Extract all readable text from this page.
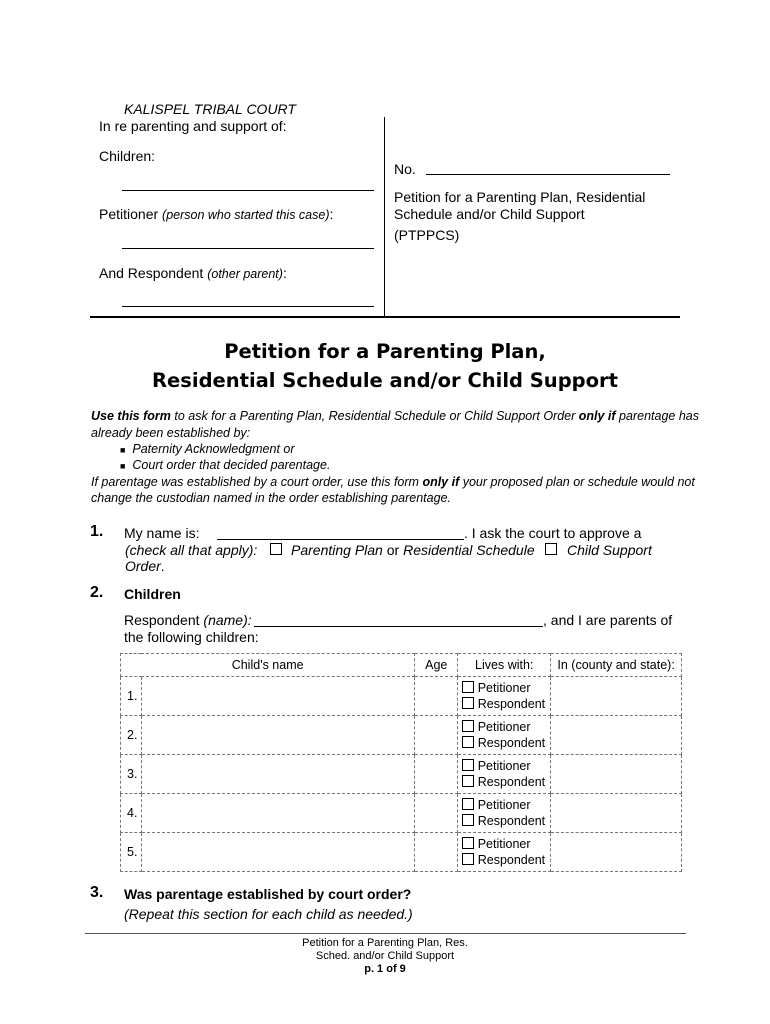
KALISPEL TRIBAL COURT
In re parenting and support of:
Children:
Petitioner (person who started this case):
And Respondent (other parent):
No.
Petition for a Parenting Plan, Residential
Schedule and/or Child Support
(PTPPCS)
Petition for a Parenting Plan,
Residential Schedule and/or Child Support
Use this form to ask for a Parenting Plan, Residential Schedule or Child Support Order only if parentage has
already been established by:
■ Paternity Acknowledgment or
■ Court order that decided parentage.
If parentage was established by a court order, use this form only if your proposed plan or schedule would not
change the custodian named in the order establishing parentage.
1. My name is:	. I ask the court to approve a
(check all that apply): Parenting Plan or Residential Schedule Child Support
Order.
2. Children
Respondent (name):	, and I are parents of
the following children:
Child's name		Age	Lives with:	In (county and state):
1.			Petitioner
Respondent	

2.			Petitioner
Respondent	

3.			Petitioner
Respondent	

4.			Petitioner
Respondent	

5.			Petitioner
Respondent	

3. Was parentage established by court order?
(Repeat this section for each child as needed.)
Petition for a Parenting Plan, Res.
Sched. and/or Child Support
p. 1 of 9
